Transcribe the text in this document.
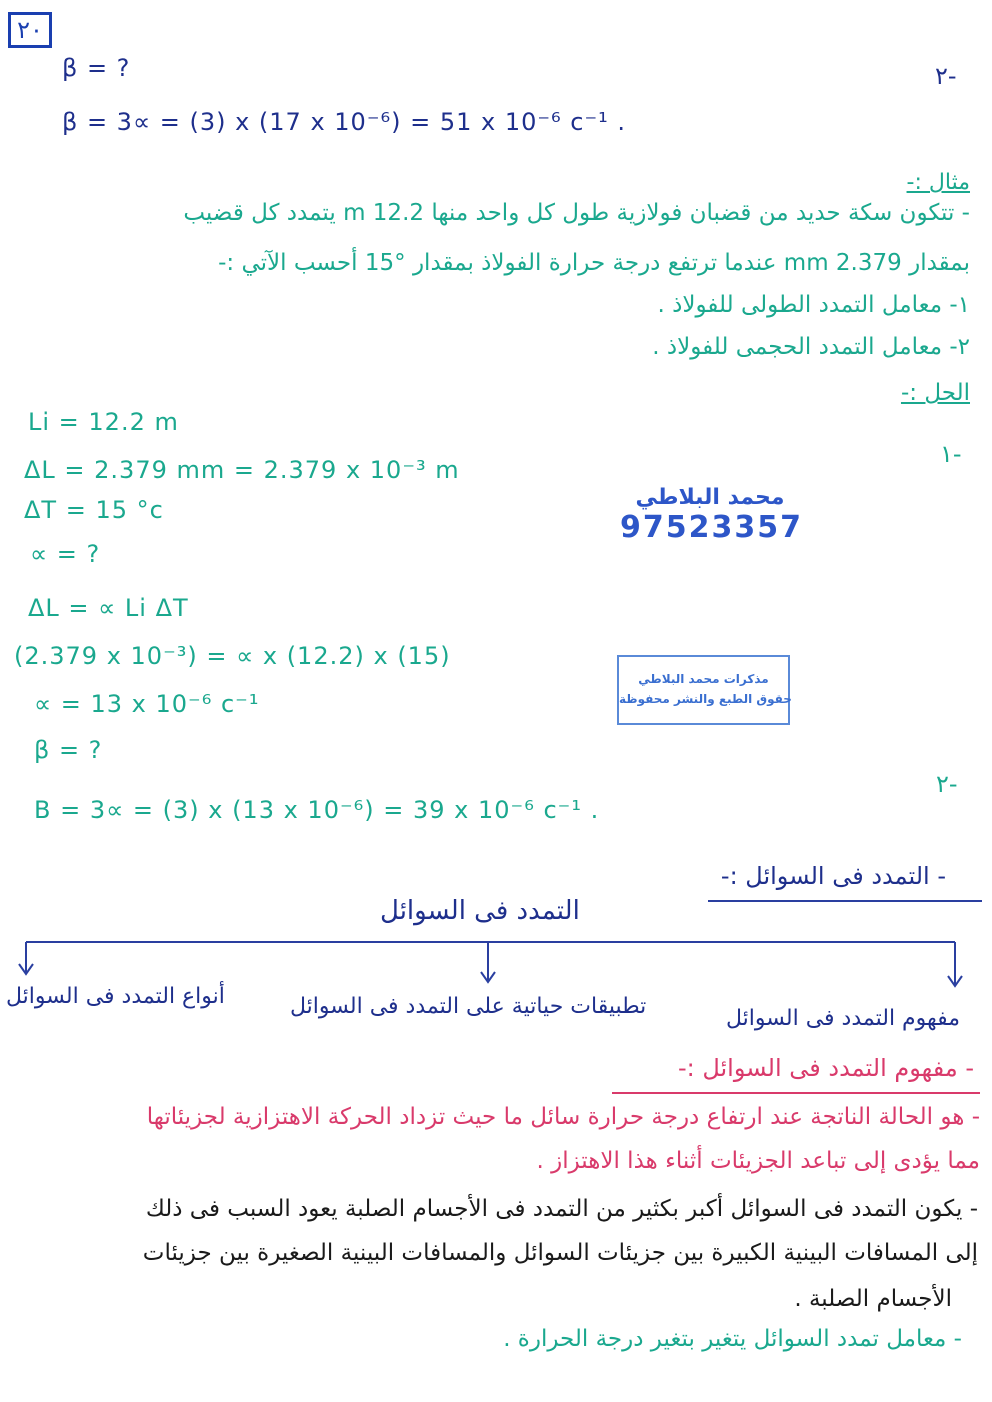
٢٠
β = ?	٢-
β = 3∝ = (3) x (17 x 10⁻⁶) = 51 x 10⁻⁶ c⁻¹ .
مثال :-
- تتكون سكة حديد من قضبان فولازية طول كل واحد منها 12.2 m يتمدد كل قضيب
بمقدار 2.379 mm عندما ترتفع درجة حرارة الفولاذ بمقدار °15 أحسب الآتي :-
١- معامل التمدد الطولى للفولاذ .
٢- معامل التمدد الحجمى للفولاذ .
الحل :-
١-
Li = 12.2 m
ΔL = 2.379 mm = 2.379 x 10⁻³ m
ΔT = 15 °c
∝ = ?
ΔL = ∝ Li ΔT
(2.379 x 10⁻³) = ∝ x (12.2) x (15)
∝ = 13 x 10⁻⁶ c⁻¹
β = ?
٢-
B = 3∝ = (3) x (13 x 10⁻⁶) = 39 x 10⁻⁶ c⁻¹ .
محمد البلاطي
97523357
مذكرات محمد البلاطي
حقوق الطبع والنشر محفوظة
- التمدد فى السوائل :-
التمدد فى السوائل
أنواع التمدد فى السوائل	تطبيقات حياتية على التمدد فى السوائل	مفهوم التمدد فى السوائل
- مفهوم التمدد فى السوائل :-
- هو الحالة الناتجة عند ارتفاع درجة حرارة سائل ما حيث تزداد الحركة الاهتزازية لجزيئاتها
مما يؤدى إلى تباعد الجزيئات أثناء هذا الاهتزاز .
- يكون التمدد فى السوائل أكبر بكثير من التمدد فى الأجسام الصلبة يعود السبب فى ذلك
إلى المسافات البينية الكبيرة بين جزيئات السوائل والمسافات البينية الصغيرة بين جزيئات
الأجسام الصلبة .
- معامل تمدد السوائل يتغير بتغير درجة الحرارة .
